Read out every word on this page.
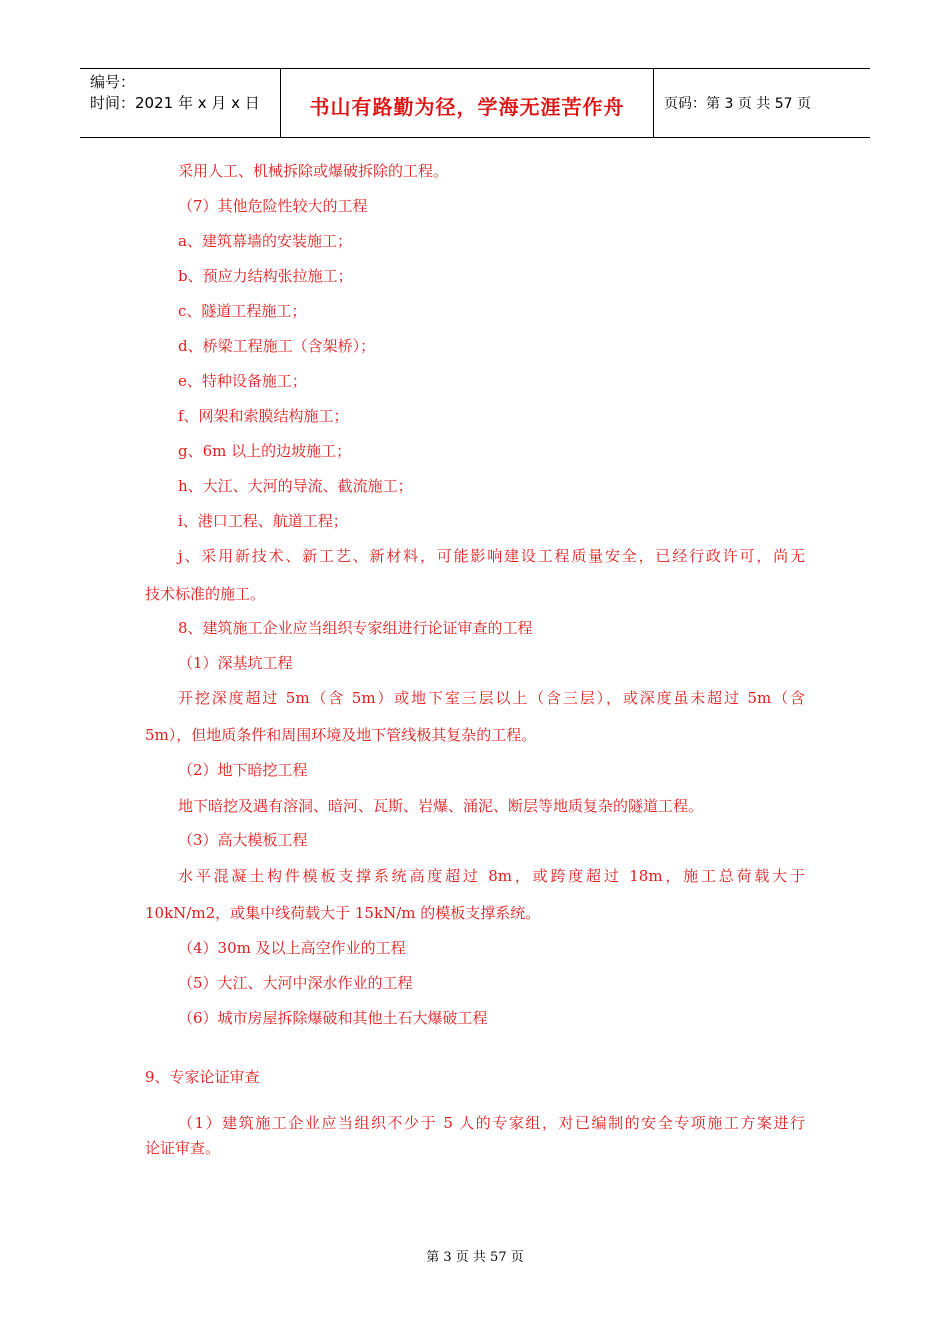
编号：
时间：2021 年 x 月 x 日	书山有路勤为径，学海无涯苦作舟	页码：第 3 页 共 57 页
采用人工、机械拆除或爆破拆除的工程。
（7）其他危险性较大的工程
a、建筑幕墙的安装施工；
b、预应力结构张拉施工；
c、隧道工程施工；
d、桥梁工程施工（含架桥）；
e、特种设备施工；
f、网架和索膜结构施工；
g、6m 以上的边坡施工；
h、大江、大河的导流、截流施工；
i、港口工程、航道工程；
j、采用新技术、新工艺、新材料，可能影响建设工程质量安全，已经行政许可，尚无
技术标准的施工。
8、建筑施工企业应当组织专家组进行论证审查的工程
（1）深基坑工程
开挖深度超过 5m（含 5m）或地下室三层以上（含三层），或深度虽未超过 5m（含
5m），但地质条件和周围环境及地下管线极其复杂的工程。
（2）地下暗挖工程
地下暗挖及遇有溶洞、暗河、瓦斯、岩爆、涌泥、断层等地质复杂的隧道工程。
（3）高大模板工程
水平混凝土构件模板支撑系统高度超过 8m，或跨度超过 18m，施工总荷载大于
10kN/m2，或集中线荷载大于 15kN/m 的模板支撑系统。
（4）30m 及以上高空作业的工程
（5）大江、大河中深水作业的工程
（6）城市房屋拆除爆破和其他土石大爆破工程
9、专家论证审查
（1）建筑施工企业应当组织不少于 5 人的专家组，对已编制的安全专项施工方案进行
论证审查。
第 3 页 共 57 页
